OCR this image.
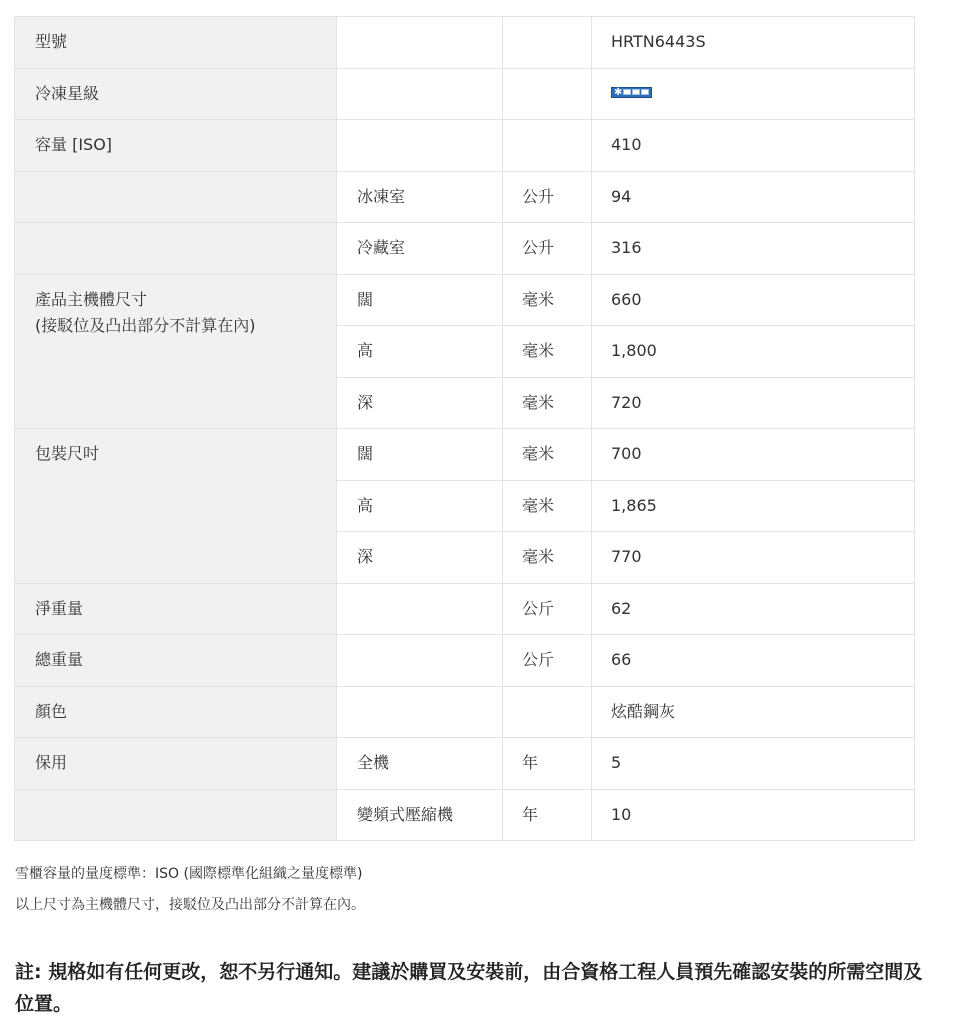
型號			HRTN6443S
冷凍星級			✱

容量 [ISO]			410
	冰凍室	公升	94
	冷藏室	公升	316
產品主機體尺寸
(接駁位及凸出部分不計算在內)	闊	毫米	660
	高	毫米	1,800
	深	毫米	720
包裝尺吋	闊	毫米	700
	高	毫米	1,865
	深	毫米	770
淨重量		公斤	62
總重量		公斤	66
顏色			炫酷鋼灰
保用	全機	年	5
	變頻式壓縮機	年	10
雪櫃容量的量度標準：ISO (國際標準化組織之量度標準)
以上尺寸為主機體尺寸，接駁位及凸出部分不計算在內。
註: 規格如有任何更改，恕不另行通知。建議於購買及安裝前，由合資格工程人員預先確認安裝的所需空間及位置。
